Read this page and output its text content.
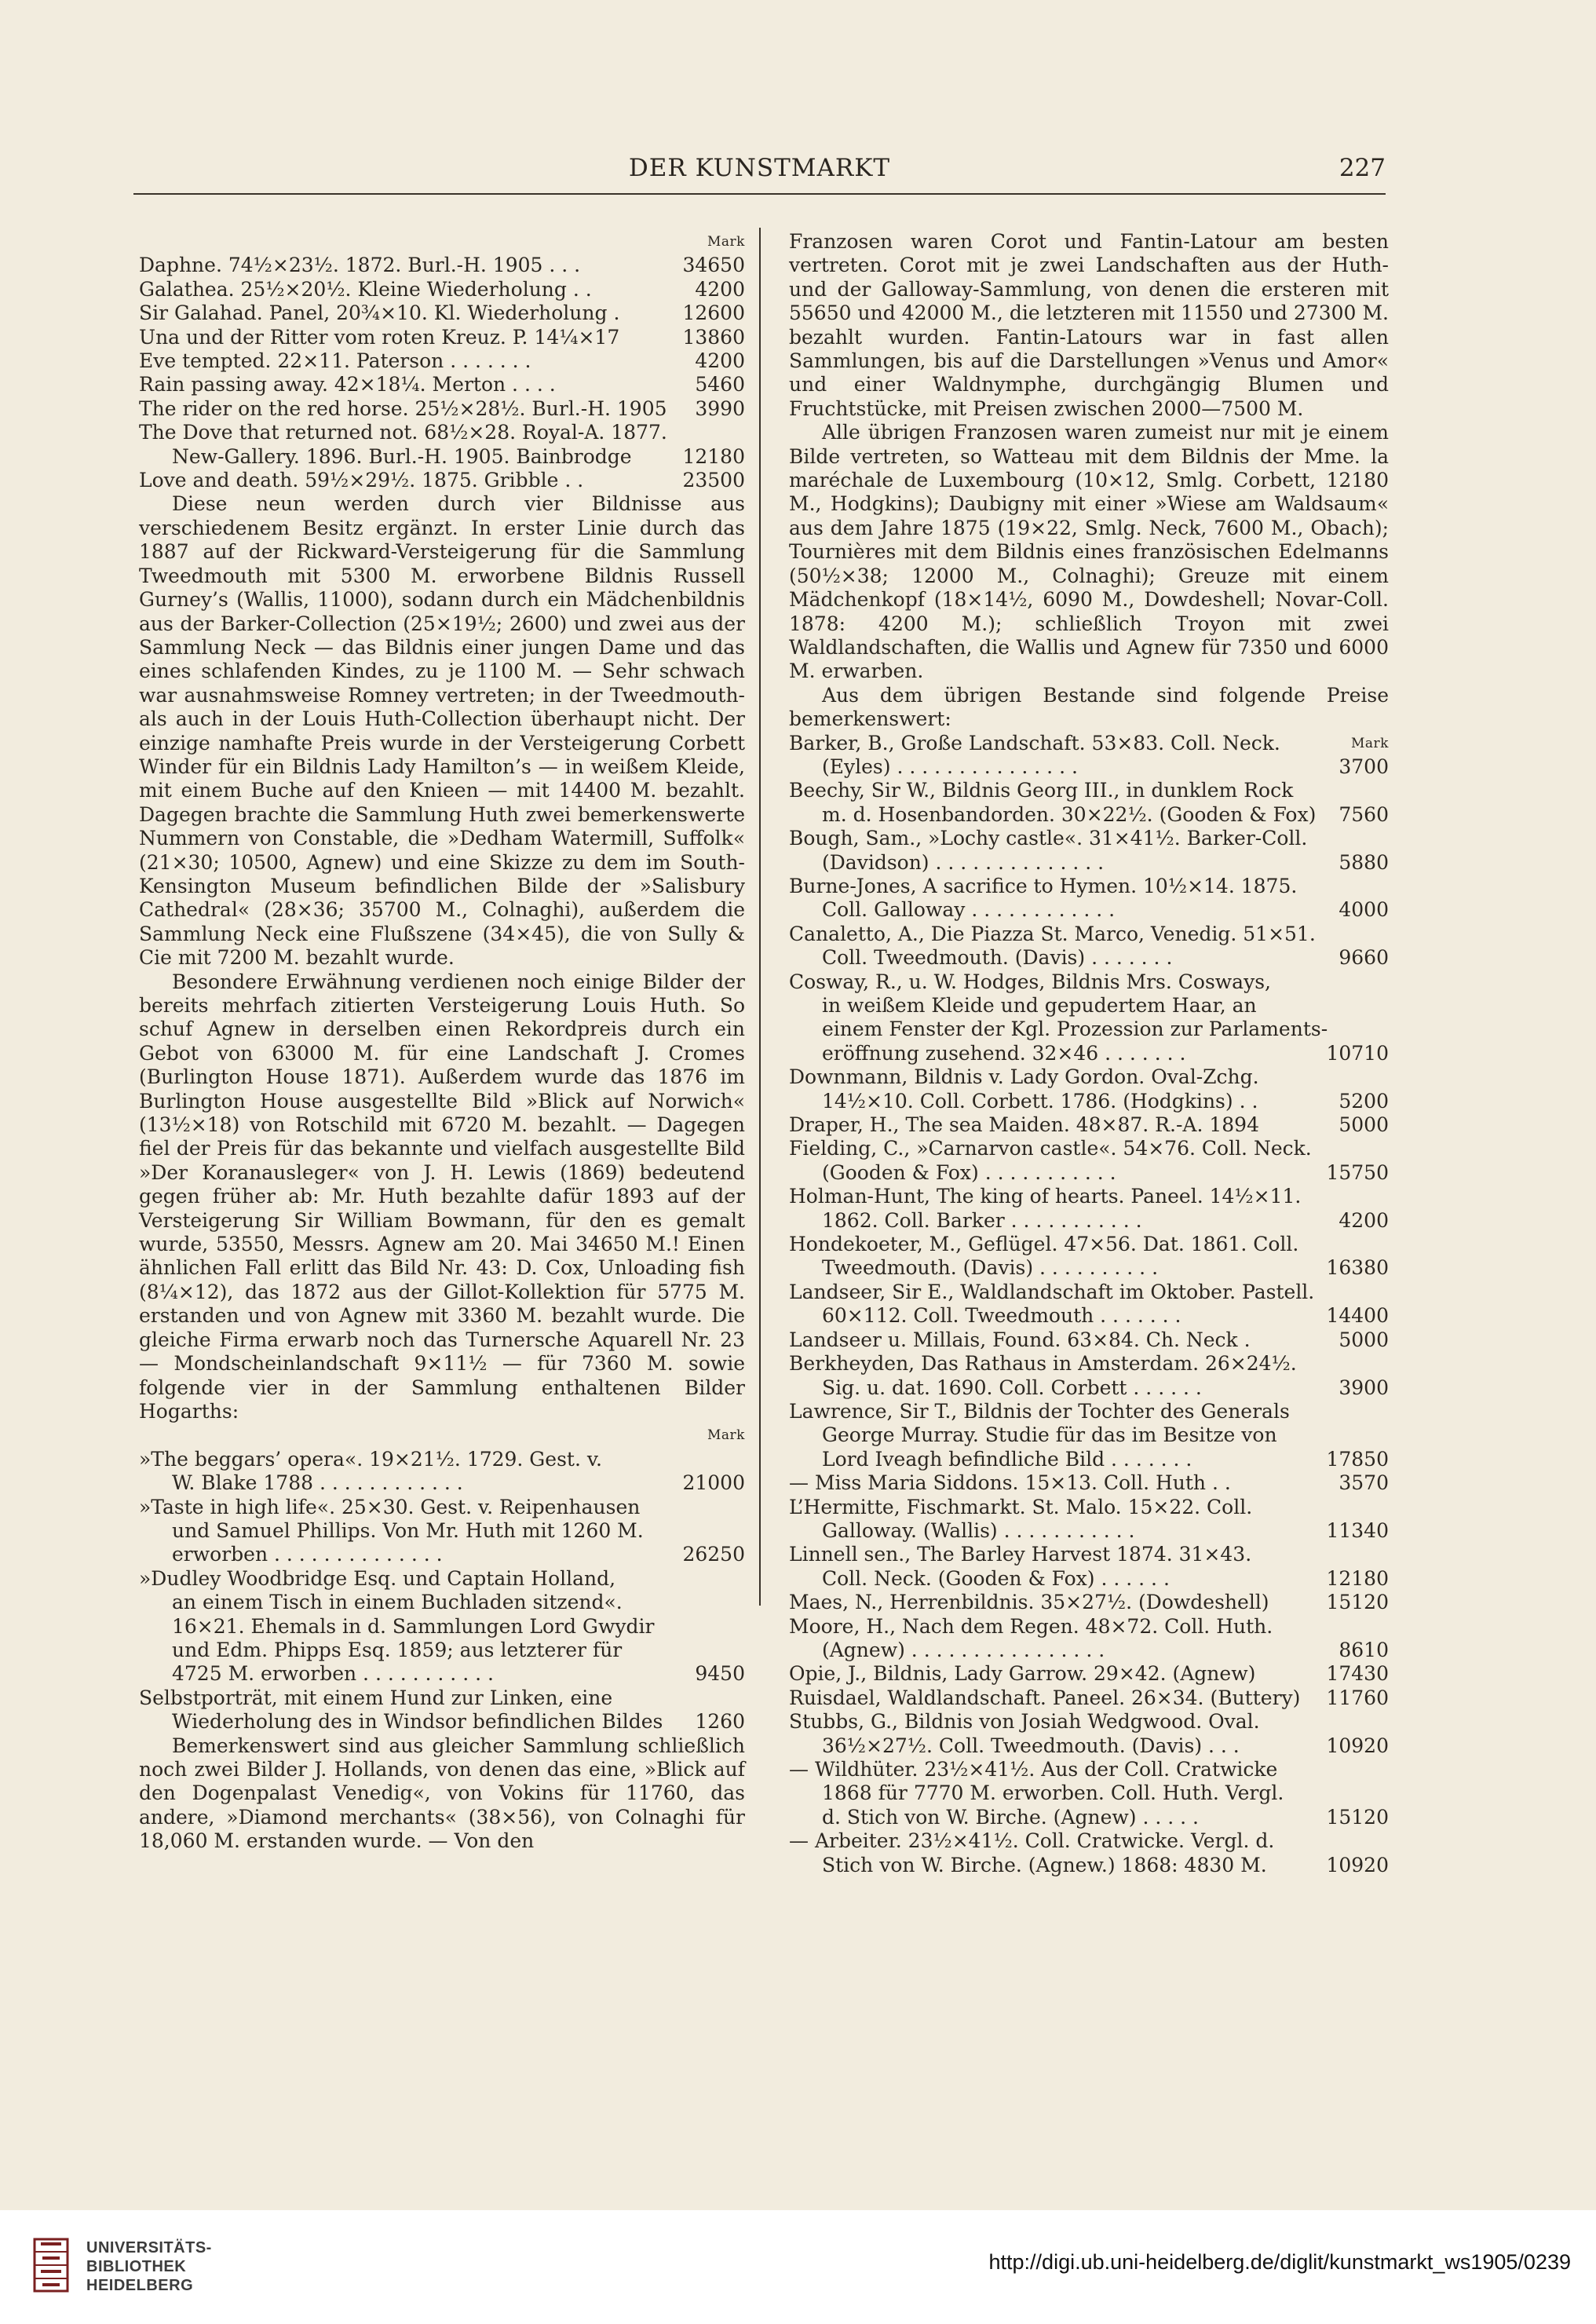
DER KUNSTMARKT	227
Mark
Daphne. 74½×23½. 1872. Burl.-H. 1905 . . .	34650
Galathea. 25½×20½. Kleine Wiederholung . .	4200
Sir Galahad. Panel, 20¾×10. Kl. Wiederholung .	12600
Una und der Ritter vom roten Kreuz. P. 14¼×17	13860
Eve tempted. 22×11. Paterson . . . . . . .	4200
Rain passing away. 42×18¼. Merton . . . .	5460
The rider on the red horse. 25½×28½. Burl.-H. 1905 3990
The Dove that returned not. 68½×28. Royal-A. 1877.
New-Gallery. 1896. Burl.-H. 1905. Bainbrodge	12180
Love and death. 59½×29½. 1875. Gribble . .	23500
Diese neun werden durch vier Bildnisse aus verschiedenem Besitz ergänzt. In erster Linie durch das 1887 auf der Rickward-Versteigerung für die Sammlung Tweedmouth mit 5300 M. erworbene Bildnis Russell Gurney’s (Wallis, 11000), sodann durch ein Mädchenbildnis aus der Barker-Collection (25×19½; 2600) und zwei aus der Sammlung Neck — das Bildnis einer jungen Dame und das eines schlafenden Kindes, zu je 1100 M. — Sehr schwach war ausnahmsweise Romney vertreten; in der Tweedmouth- als auch in der Louis Huth-Collection überhaupt nicht. Der einzige namhafte Preis wurde in der Versteigerung Corbett Winder für ein Bildnis Lady Hamilton’s — in weißem Kleide, mit einem Buche auf den Knieen — mit 14400 M. bezahlt. Dagegen brachte die Sammlung Huth zwei bemerkenswerte Nummern von Constable, die »Dedham Watermill, Suffolk« (21×30; 10500, Agnew) und eine Skizze zu dem im South-Kensington Museum befindlichen Bilde der »Salisbury Cathedral« (28×36; 35700 M., Colnaghi), außerdem die Sammlung Neck eine Flußszene (34×45), die von Sully & Cie mit 7200 M. bezahlt wurde.
Besondere Erwähnung verdienen noch einige Bilder der bereits mehrfach zitierten Versteigerung Louis Huth. So schuf Agnew in derselben einen Rekordpreis durch ein Gebot von 63000 M. für eine Landschaft J. Cromes (Burlington House 1871). Außerdem wurde das 1876 im Burlington House ausgestellte Bild »Blick auf Norwich« (13½×18) von Rotschild mit 6720 M. bezahlt. — Dagegen fiel der Preis für das bekannte und vielfach ausgestellte Bild »Der Koranausleger« von J. H. Lewis (1869) bedeutend gegen früher ab: Mr. Huth bezahlte dafür 1893 auf der Versteigerung Sir William Bowmann, für den es gemalt wurde, 53550, Messrs. Agnew am 20. Mai 34650 M.! Einen ähnlichen Fall erlitt das Bild Nr. 43: D. Cox, Unloading fish (8¼×12), das 1872 aus der Gillot-Kollektion für 5775 M. erstanden und von Agnew mit 3360 M. bezahlt wurde. Die gleiche Firma erwarb noch das Turnersche Aquarell Nr. 23 — Mondscheinlandschaft 9×11½ — für 7360 M. sowie folgende vier in der Sammlung enthaltenen Bilder Hogarths:
Mark
»The beggars’ opera«. 19×21½. 1729. Gest. v.
W. Blake 1788 . . . . . . . . . . . .	21000
»Taste in high life«. 25×30. Gest. v. Reipenhausen
und Samuel Phillips. Von Mr. Huth mit 1260 M.
erworben . . . . . . . . . . . . . .	26250
»Dudley Woodbridge Esq. und Captain Holland,
an einem Tisch in einem Buchladen sitzend«.
16×21. Ehemals in d. Sammlungen Lord Gwydir
und Edm. Phipps Esq. 1859; aus letzterer für
4725 M. erworben . . . . . . . . . . .	9450
Selbstporträt, mit einem Hund zur Linken, eine
Wiederholung des in Windsor befindlichen Bildes 1260
Bemerkenswert sind aus gleicher Sammlung schließlich noch zwei Bilder J. Hollands, von denen das eine, »Blick auf den Dogenpalast Venedig«, von Vokins für 11760, das andere, »Diamond merchants« (38×56), von Colnaghi für 18,060 M. erstanden wurde. — Von den
Franzosen waren Corot und Fantin-Latour am besten vertreten. Corot mit je zwei Landschaften aus der Huth- und der Galloway-Sammlung, von denen die ersteren mit 55650 und 42000 M., die letzteren mit 11550 und 27300 M. bezahlt wurden. Fantin-Latours war in fast allen Sammlungen, bis auf die Darstellungen »Venus und Amor« und einer Waldnymphe, durchgängig Blumen und Fruchtstücke, mit Preisen zwischen 2000—7500 M.
Alle übrigen Franzosen waren zumeist nur mit je einem Bilde vertreten, so Watteau mit dem Bildnis der Mme. la maréchale de Luxembourg (10×12, Smlg. Corbett, 12180 M., Hodgkins); Daubigny mit einer »Wiese am Waldsaum« aus dem Jahre 1875 (19×22, Smlg. Neck, 7600 M., Obach); Tournières mit dem Bildnis eines französischen Edelmanns (50½×38; 12000 M., Colnaghi); Greuze mit einem Mädchenkopf (18×14½, 6090 M., Dowdeshell; Novar-Coll. 1878: 4200 M.); schließlich Troyon mit zwei Waldlandschaften, die Wallis und Agnew für 7350 und 6000 M. erwarben.
Aus dem übrigen Bestande sind folgende Preise bemerkenswert:
Barker, B., Große Landschaft. 53×83. Coll. Neck.	Mark
(Eyles) . . . . . . . . . . . . . . .	3700
Beechy, Sir W., Bildnis Georg III., in dunklem Rock
m. d. Hosenbandorden. 30×22½. (Gooden & Fox) 7560
Bough, Sam., »Lochy castle«. 31×41½. Barker-Coll.
(Davidson) . . . . . . . . . . . . . .	5880
Burne-Jones, A sacrifice to Hymen. 10½×14. 1875.
Coll. Galloway . . . . . . . . . . . .	4000
Canaletto, A., Die Piazza St. Marco, Venedig. 51×51.
Coll. Tweedmouth. (Davis) . . . . . . .	9660
Cosway, R., u. W. Hodges, Bildnis Mrs. Cosways,
in weißem Kleide und gepudertem Haar, an
einem Fenster der Kgl. Prozession zur Parlaments-
eröffnung zusehend. 32×46 . . . . . . .	10710
Downmann, Bildnis v. Lady Gordon. Oval-Zchg.
14½×10. Coll. Corbett. 1786. (Hodgkins) . .	5200
Draper, H., The sea Maiden. 48×87. R.-A. 1894	5000
Fielding, C., »Carnarvon castle«. 54×76. Coll. Neck.
(Gooden & Fox) . . . . . . . . . . .	15750
Holman-Hunt, The king of hearts. Paneel. 14½×11.
1862. Coll. Barker . . . . . . . . . . .	4200
Hondekoeter, M., Geflügel. 47×56. Dat. 1861. Coll.
Tweedmouth. (Davis) . . . . . . . . . .	16380
Landseer, Sir E., Waldlandschaft im Oktober. Pastell.
60×112. Coll. Tweedmouth . . . . . . .	14400
Landseer u. Millais, Found. 63×84. Ch. Neck .	5000
Berkheyden, Das Rathaus in Amsterdam. 26×24½.
Sig. u. dat. 1690. Coll. Corbett . . . . . .	3900
Lawrence, Sir T., Bildnis der Tochter des Generals
George Murray. Studie für das im Besitze von
Lord Iveagh befindliche Bild . . . . . . .	17850
— Miss Maria Siddons. 15×13. Coll. Huth . .	3570
L’Hermitte, Fischmarkt. St. Malo. 15×22. Coll.
Galloway. (Wallis) . . . . . . . . . . .	11340
Linnell sen., The Barley Harvest 1874. 31×43.
Coll. Neck. (Gooden & Fox) . . . . . .	12180
Maes, N., Herrenbildnis. 35×27½. (Dowdeshell)	15120
Moore, H., Nach dem Regen. 48×72. Coll. Huth.
(Agnew) . . . . . . . . . . . . . . . .	8610
Opie, J., Bildnis, Lady Garrow. 29×42. (Agnew)	17430
Ruisdael, Waldlandschaft. Paneel. 26×34. (Buttery) 11760
Stubbs, G., Bildnis von Josiah Wedgwood. Oval.
36½×27½. Coll. Tweedmouth. (Davis) . . .	10920
— Wildhüter. 23½×41½. Aus der Coll. Cratwicke
1868 für 7770 M. erworben. Coll. Huth. Vergl.
d. Stich von W. Birche. (Agnew) . . . . .	15120
— Arbeiter. 23½×41½. Coll. Cratwicke. Vergl. d.
Stich von W. Birche. (Agnew.) 1868: 4830 M.	10920
UNIVERSITÄTS-
BIBLIOTHEK
HEIDELBERG
http://digi.ub.uni-heidelberg.de/diglit/kunstmarkt_ws1905/0239
